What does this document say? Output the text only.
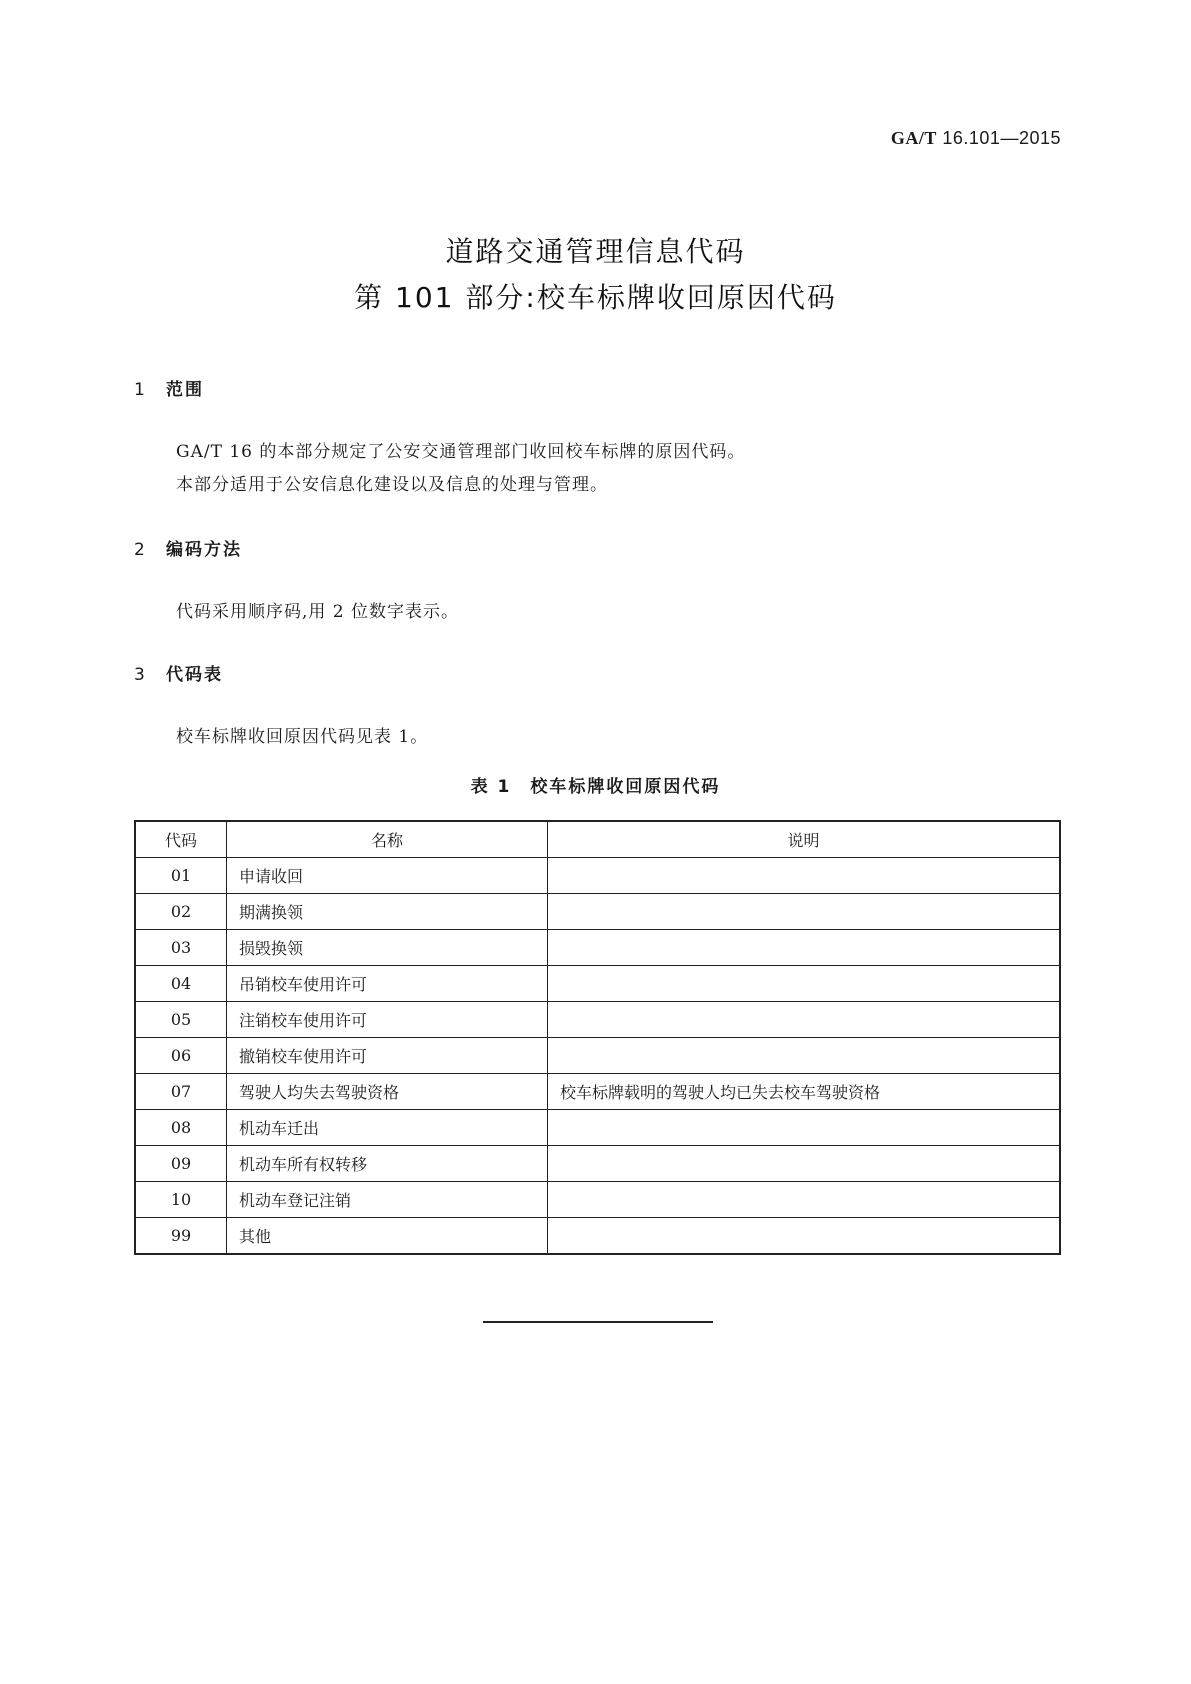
GA/T 16.101—2015
道路交通管理信息代码
第 101 部分:校车标牌收回原因代码
1 范围
GA/T 16 的本部分规定了公安交通管理部门收回校车标牌的原因代码。
本部分适用于公安信息化建设以及信息的处理与管理。
2 编码方法
代码采用顺序码,用 2 位数字表示。
3 代码表
校车标牌收回原因代码见表 1。
表 1　校车标牌收回原因代码
代码	名称	说明
01	申请收回	
02	期满换领	
03	损毁换领	
04	吊销校车使用许可	
05	注销校车使用许可	
06	撤销校车使用许可	
07	驾驶人均失去驾驶资格	校车标牌载明的驾驶人均已失去校车驾驶资格
08	机动车迁出	
09	机动车所有权转移	
10	机动车登记注销	
99	其他	
